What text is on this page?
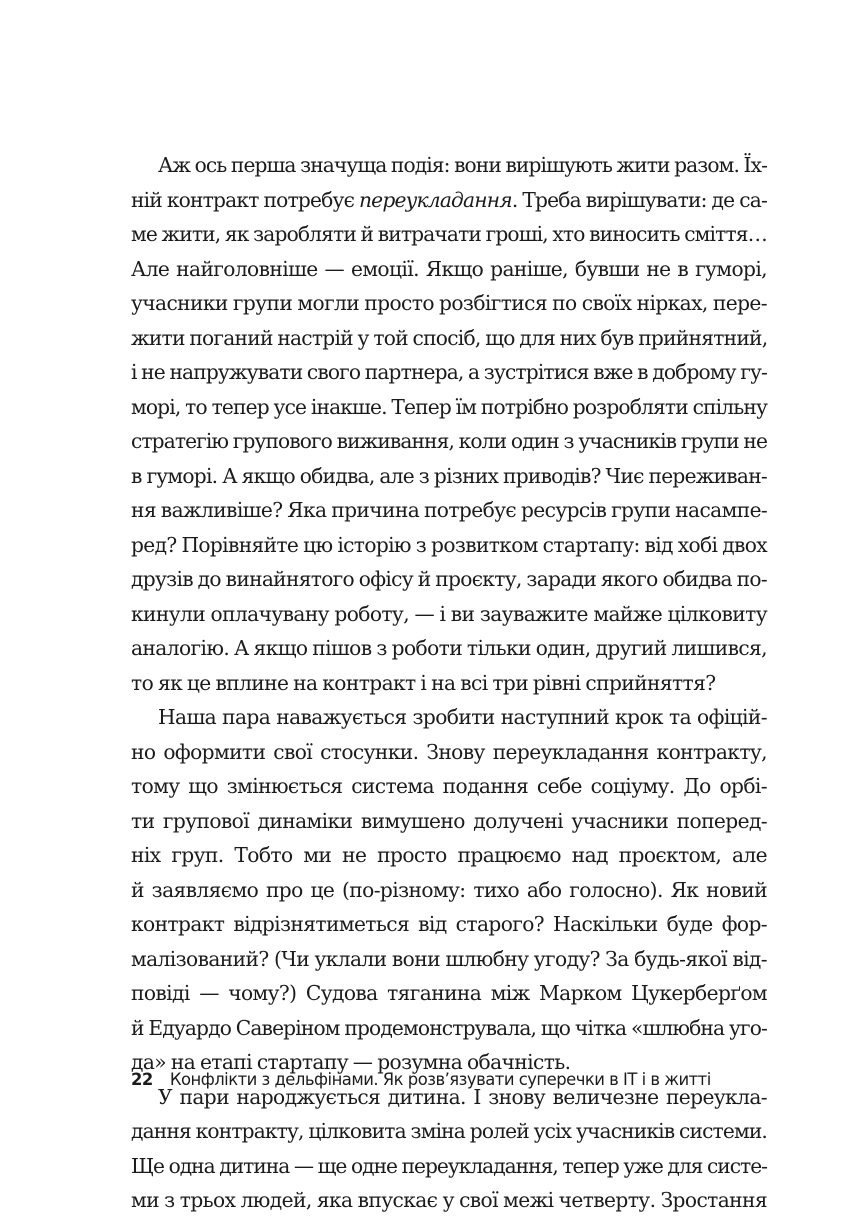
Аж ось перша значуща подія: вони вирішують жити разом. Їх-
ній контракт потребує переукладання. Треба вирішувати: де са-
ме жити, як заробляти й витрачати гроші, хто виносить сміття…
Але найголовніше — емоції. Якщо раніше, бувши не в гуморі,
учасники групи могли просто розбігтися по своїх нірках, пере-
жити поганий настрій у той спосіб, що для них був прийнятний,
і не напружувати свого партнера, а зустрітися вже в доброму гу-
морі, то тепер усе інакше. Тепер їм потрібно розробляти спільну
стратегію групового виживання, коли один з учасників групи не
в гуморі. А якщо обидва, але з різних приводів? Чиє переживан-
ня важливіше? Яка причина потребує ресурсів групи насампе-
ред? Порівняйте цю історію з розвитком стартапу: від хобі двох
друзів до винайнятого офісу й проєкту, заради якого обидва по-
кинули оплачувану роботу, — і ви зауважите майже цілковиту
аналогію. А якщо пішов з роботи тільки один, другий лишився,
то як це вплине на контракт і на всі три рівні сприйняття?
Наша пара наважується зробити наступний крок та офіцій-
но оформити свої стосунки. Знову переукладання контракту,
тому що змінюється система подання себе соціуму. До орбі-
ти групової динаміки вимушено долучені учасники поперед-
ніх груп. Тобто ми не просто працюємо над проєктом, але
й заявляємо про це (по-різному: тихо або голосно). Як новий
контракт відрізнятиметься від старого? Наскільки буде фор-
малізований? (Чи уклали вони шлюбну угоду? За будь-якої від-
повіді — чому?) Судова тяганина між Марком Цукерберґом
й Едуардо Саверіном продемонструвала, що чітка «шлюбна уго-
да» на етапі стартапу — розумна обачність.
У пари народжується дитина. І знову величезне переукла-
дання контракту, цілковита зміна ролей усіх учасників системи.
Ще одна дитина — ще одне переукладання, тепер уже для систе-
ми з трьох людей, яка впускає у свої межі четверту. Зростання
22 Конфлікти з дельфінами. Як розв’язувати суперечки в IT і в житті
